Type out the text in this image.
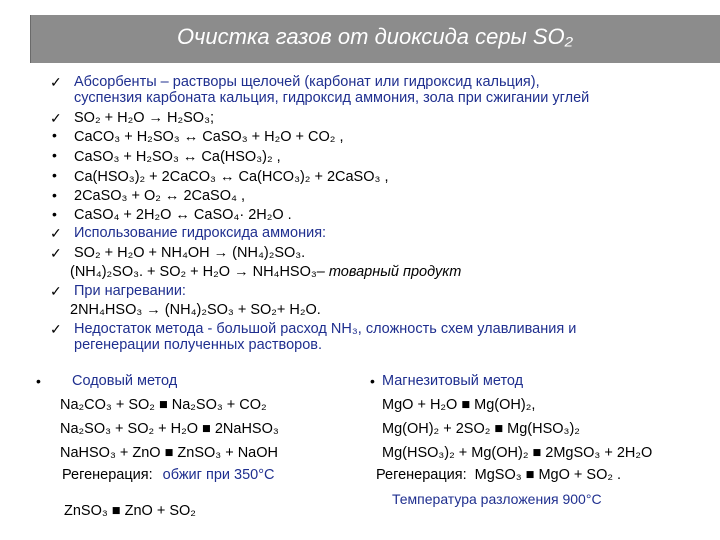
Очистка газов от диоксида серы SO₂
✓
✓
•
•
•
•
•
✓
✓
✓
✓
Абсорбенты – растворы щелочей (карбонат или гидроксид кальция),
суспензия карбоната кальция, гидроксид аммония, зола при сжигании углей
SO₂ + H₂O → H₂SO₃;
CaCO₃ + H₂SO₃ ↔ CaSO₃ + H₂O + CO₂ ,
CaSO₃ + H₂SO₃ ↔ Ca(HSO₃)₂ ,
Ca(HSO₃)₂ + 2CaCO₃ ↔ Ca(HCO₃)₂ + 2CaSO₃ ,
2CaSO₃ + O₂ ↔ 2CaSO₄ ,
CaSO₄ + 2H₂O ↔ CaSO₄· 2H₂O .
Использование гидроксида аммония:
SO₂ + H₂O + NH₄OH → (NH₄)₂SO₃.
(NH₄)₂SO₃. + SO₂ + H₂O → NH₄HSO₃– товарный продукт
При нагревании:
2NH₄HSO₃ → (NH₄)₂SO₃ + SO₂+ H₂O.
Недостаток метода - большой расход NH₃, сложность схем улавливания и
регенерации полученных растворов.
• Содовый метод
Na₂CO₃ + SO₂ ■ Na₂SO₃ + CO₂
Na₂SO₃ + SO₂ + H₂O ■ 2NaHSO₃
NaHSO₃ + ZnO ■ ZnSO₃ + NaOH
Регенерация: обжиг при 350°С
ZnSO₃ ■ ZnO + SO₂
• Магнезитовый метод
MgO + H₂O ■ Mg(OH)₂,
Mg(OH)₂ + 2SO₂ ■ Mg(HSO₃)₂
Mg(HSO₃)₂ + Mg(OH)₂ ■ 2MgSO₃ + 2H₂O
Регенерация: MgSO₃ ■ MgO + SO₂ .
Температура разложения 900°С
